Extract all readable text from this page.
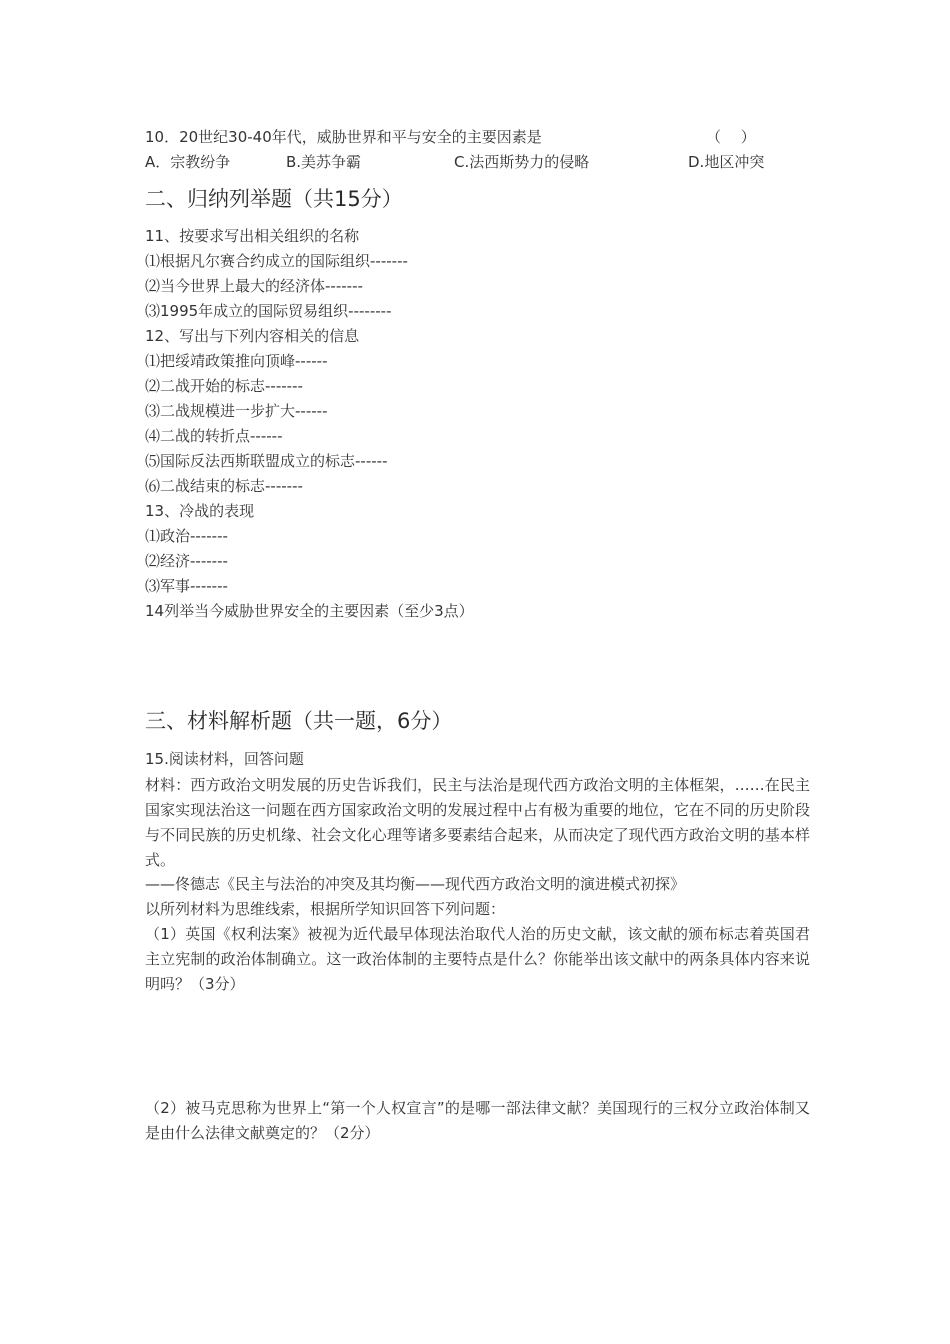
10．20世纪30-40年代，威胁世界和平与安全的主要因素是	（　 ）
A．宗教纷争	B.美苏争霸	C.法西斯势力的侵略	D.地区冲突
二、归纳列举题（共15分）
11、按要求写出相关组织的名称
⑴根据凡尔赛合约成立的国际组织-------
⑵当今世界上最大的经济体-------
⑶1995年成立的国际贸易组织--------
12、写出与下列内容相关的信息
⑴把绥靖政策推向顶峰------
⑵二战开始的标志-------
⑶二战规模进一步扩大------
⑷二战的转折点------
⑸国际反法西斯联盟成立的标志------
⑹二战结束的标志-------
13、冷战的表现
⑴政治-------
⑵经济-------
⑶军事-------
14列举当今威胁世界安全的主要因素（至少3点）
三、材料解析题（共一题，6分）
15.阅读材料，回答问题
材料：西方政治文明发展的历史告诉我们，民主与法治是现代西方政治文明的主体框架，……在民主国家实现法治这一问题在西方国家政治文明的发展过程中占有极为重要的地位，它在不同的历史阶段与不同民族的历史机缘、社会文化心理等诸多要素结合起来，从而决定了现代西方政治文明的基本样式。
——佟德志《民主与法治的冲突及其均衡——现代西方政治文明的演进模式初探》
以所列材料为思维线索，根据所学知识回答下列问题：
（1）英国《权利法案》被视为近代最早体现法治取代人治的历史文献，该文献的颁布标志着英国君主立宪制的政治体制确立。这一政治体制的主要特点是什么？你能举出该文献中的两条具体内容来说明吗？（3分）
（2）被马克思称为世界上“第一个人权宣言”的是哪一部法律文献？美国现行的三权分立政治体制又是由什么法律文献奠定的？（2分）
